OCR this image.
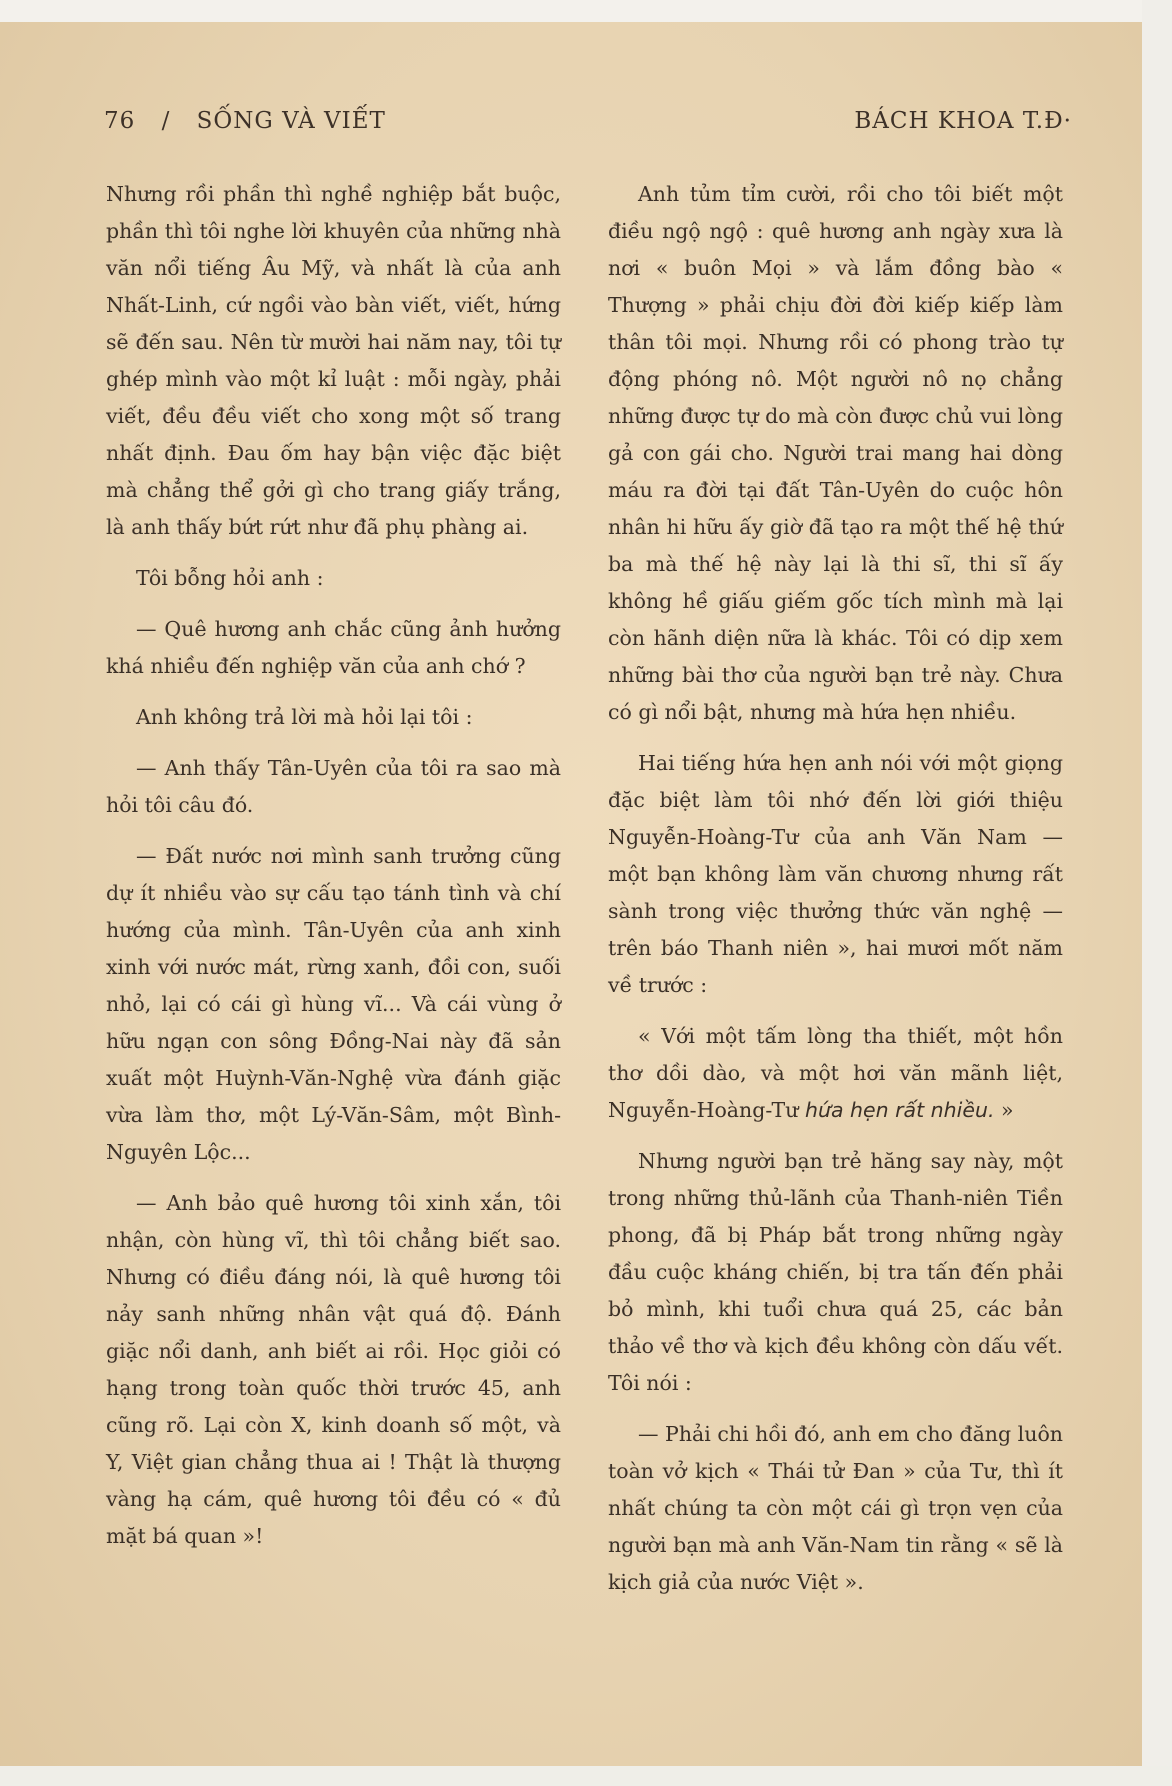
76 / SỐNG VÀ VIẾT	BÁCH KHOA T.Đ·

Nhưng rồi phần thì nghề nghiệp bắt buộc, phần thì tôi nghe lời khuyên của những nhà văn nổi tiếng Âu Mỹ, và nhất là của anh Nhất-Linh, cứ ngồi vào bàn viết, viết, hứng sẽ đến sau. Nên từ mười hai năm nay, tôi tự ghép mình vào một kỉ luật : mỗi ngày, phải viết, đều đều viết cho xong một số trang nhất định. Đau ốm hay bận việc đặc biệt mà chẳng thể gởi gì cho trang giấy trắng, là anh thấy bứt rứt như đã phụ phàng ai.

Tôi bỗng hỏi anh :

— Quê hương anh chắc cũng ảnh hưởng khá nhiều đến nghiệp văn của anh chớ ?

Anh không trả lời mà hỏi lại tôi :

— Anh thấy Tân-Uyên của tôi ra sao mà hỏi tôi câu đó.

— Đất nước nơi mình sanh trưởng cũng dự ít nhiều vào sự cấu tạo tánh tình và chí hướng của mình. Tân-Uyên của anh xinh xinh với nước mát, rừng xanh, đồi con, suối nhỏ, lại có cái gì hùng vĩ... Và cái vùng ở hữu ngạn con sông Đồng-Nai này đã sản xuất một Huỳnh-Văn-Nghệ vừa đánh giặc vừa làm thơ, một Lý-Văn-Sâm, một Bình-Nguyên Lộc...

— Anh bảo quê hương tôi xinh xắn, tôi nhận, còn hùng vĩ, thì tôi chẳng biết sao. Nhưng có điều đáng nói, là quê hương tôi nảy sanh những nhân vật quá độ. Đánh giặc nổi danh, anh biết ai rồi. Học giỏi có hạng trong toàn quốc thời trước 45, anh cũng rõ. Lại còn X, kinh doanh số một, và Y, Việt gian chẳng thua ai ! Thật là thượng vàng hạ cám, quê hương tôi đều có « đủ mặt bá quan »!

Anh tủm tỉm cười, rồi cho tôi biết một điều ngộ ngộ : quê hương anh ngày xưa là nơi « buôn Mọi » và lắm đồng bào « Thượng » phải chịu đời đời kiếp kiếp làm thân tôi mọi. Nhưng rồi có phong trào tự động phóng nô. Một người nô nọ chẳng những được tự do mà còn được chủ vui lòng gả con gái cho. Người trai mang hai dòng máu ra đời tại đất Tân-Uyên do cuộc hôn nhân hi hữu ấy giờ đã tạo ra một thế hệ thứ ba mà thế hệ này lại là thi sĩ, thi sĩ ấy không hề giấu giếm gốc tích mình mà lại còn hãnh diện nữa là khác. Tôi có dịp xem những bài thơ của người bạn trẻ này. Chưa có gì nổi bật, nhưng mà hứa hẹn nhiều.

Hai tiếng hứa hẹn anh nói với một giọng đặc biệt làm tôi nhớ đến lời giới thiệu Nguyễn-Hoàng-Tư của anh Văn Nam — một bạn không làm văn chương nhưng rất sành trong việc thưởng thức văn nghệ — trên báo Thanh niên », hai mươi mốt năm về trước :

« Với một tấm lòng tha thiết, một hồn thơ dồi dào, và một hơi văn mãnh liệt, Nguyễn-Hoàng-Tư hứa hẹn rất nhiều. »

Nhưng người bạn trẻ hăng say này, một trong những thủ-lãnh của Thanh-niên Tiền phong, đã bị Pháp bắt trong những ngày đầu cuộc kháng chiến, bị tra tấn đến phải bỏ mình, khi tuổi chưa quá 25, các bản thảo về thơ và kịch đều không còn dấu vết. Tôi nói :

— Phải chi hồi đó, anh em cho đăng luôn toàn vở kịch « Thái tử Đan » của Tư, thì ít nhất chúng ta còn một cái gì trọn vẹn của người bạn mà anh Văn-Nam tin rằng « sẽ là kịch giả của nước Việt ».
